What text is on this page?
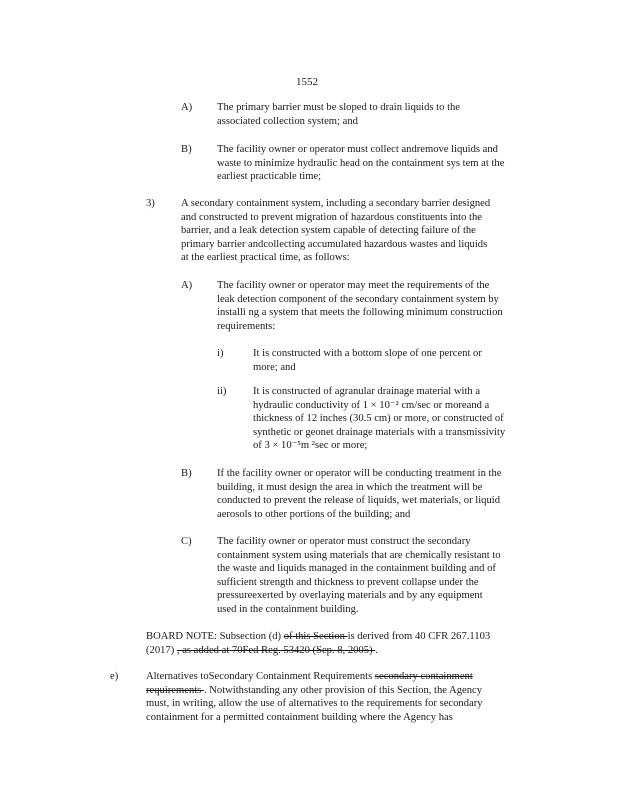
1552
A) The primary barrier must be sloped to drain liquids to the
associated collection system; and
B) The facility owner or operator must collect andremove liquids and
waste to minimize hydraulic head on the containment sys tem at the
earliest practicable time;
3) A secondary containment system, including a secondary barrier designed
and constructed to prevent migration of hazardous constituents into the
barrier, and a leak detection system capable of detecting failure of the
primary barrier andcollecting accumulated hazardous wastes and liquids
at the earliest practical time, as follows:
A) The facility owner or operator may meet the requirements of the
leak detection component of the secondary containment system by
installi ng a system that meets the following minimum construction
requirements:
i)	It is constructed with a bottom slope of one percent or
more; and
ii)	It is constructed of agranular drainage material with a
hydraulic conductivity of 1 × 10⁻² cm/sec or moreand a
thickness of 12 inches (30.5 cm) or more, or constructed of
synthetic or geonet drainage materials with a transmissivity
of 3 × 10⁻⁵m ²sec or more;
B) If the facility owner or operator will be conducting treatment in the
building, it must design the area in which the treatment will be
conducted to prevent the release of liquids, wet materials, or liquid
aerosols to other portions of the building; and
C) The facility owner or operator must construct the secondary
containment system using materials that are chemically resistant to
the waste and liquids managed in the containment building and of
sufficient strength and thickness to prevent collapse under the
pressureexerted by overlaying materials and by any equipment
used in the containment building.
BOARD NOTE: Subsection (d) of this Section is derived from 40 CFR 267.1103
(2017) , as added at 70Fed Reg. 53420 (Sep. 8, 2005) .
e)	Alternatives toSecondary Containment Requirements secondary containment
requirements . Notwithstanding any other provision of this Section, the Agency
must, in writing, allow the use of alternatives to the requirements for secondary
containment for a permitted containment building where the Agency has
